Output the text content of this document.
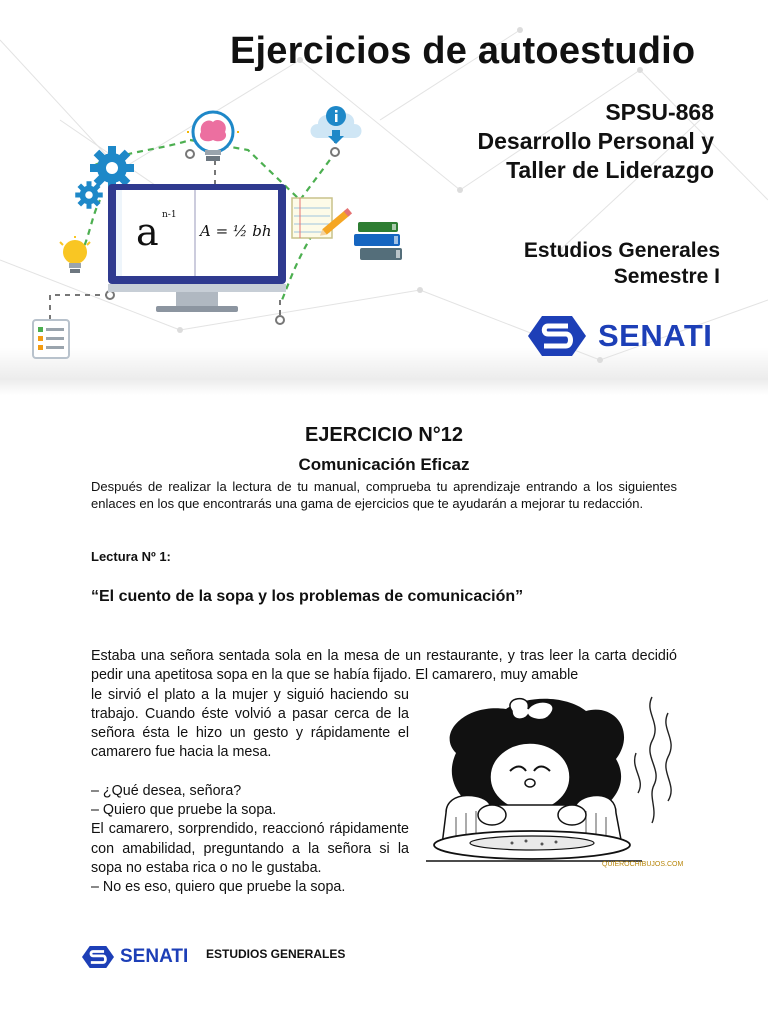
a n-1
A = ½ bh
Ejercicios de autoestudio
SPSU-868
Desarrollo Personal y
Taller de Liderazgo
Estudios Generales
Semestre I
SENATI
EJERCICIO N°12
Comunicación Eficaz

Después de realizar la lectura de tu manual, comprueba tu aprendizaje entrando a los siguientes enlaces en los que encontrarás una gama de ejercicios que te ayudarán a mejorar tu redacción.

Lectura Nº 1:
“El cuento de la sopa y los problemas de comunicación”

Estaba una señora sentada sola en la mesa de un restaurante, y tras leer la carta decidió pedir una apetitosa sopa en la que se había fijado. El camarero, muy amable

le sirvió el plato a la mujer y siguió haciendo su trabajo. Cuando éste volvió a pasar cerca de la señora ésta le hizo un gesto y rápidamente el camarero fue hacia la mesa.

– ¿Qué desea, señora?

– Quiero que pruebe la sopa.

El camarero, sorprendido, reaccionó rápidamente con amabilidad, preguntando a la señora si la sopa no estaba rica o no le gustaba.

– No es eso, quiero que pruebe la sopa.

QUIEROCHIBUJOS.COM
SENATI ESTUDIOS GENERALES
